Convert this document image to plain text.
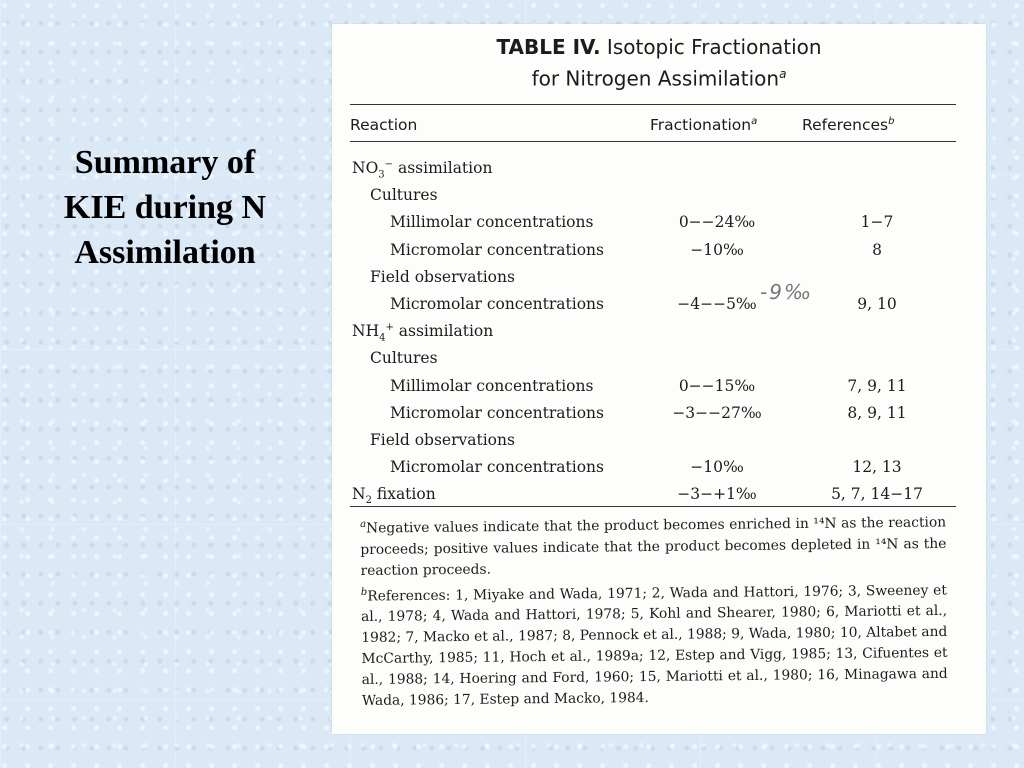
Summary of
KIE during N
Assimilation
TABLE IV. Isotopic Fractionation
for Nitrogen Assimilation$^a$
Reaction	Fractionation$^a$	References$^b$
$NO_3^-$ assimilation
Cultures
Millimolar concentrations	0−−24‰	1−7
Micromolar concentrations	−10‰	8
Field observations
Micromolar concentrations	−4−−5‰	9, 10
$NH_4^+$ assimilation
Cultures
Millimolar concentrations	0−−15‰	7, 9, 11
Micromolar concentrations	−3−−27‰	8, 9, 11
Field observations
Micromolar concentrations	−10‰	12, 13
$N_2$ fixation	−3−+1‰	5, 7, 14−17
-9‰

$^a$Negative values indicate that the product becomes enriched in ¹⁴N as the reaction proceeds; positive values indicate that the product becomes depleted in ¹⁴N as the reaction proceeds.

$^b$References: 1, Miyake and Wada, 1971; 2, Wada and Hattori, 1976; 3, Sweeney et al., 1978; 4, Wada and Hattori, 1978; 5, Kohl and Shearer, 1980; 6, Mariotti et al., 1982; 7, Macko et al., 1987; 8, Pennock et al., 1988; 9, Wada, 1980; 10, Altabet and McCarthy, 1985; 11, Hoch et al., 1989a; 12, Estep and Vigg, 1985; 13, Cifuentes et al., 1988; 14, Hoering and Ford, 1960; 15, Mariotti et al., 1980; 16, Minagawa and Wada, 1986; 17, Estep and Macko, 1984.
